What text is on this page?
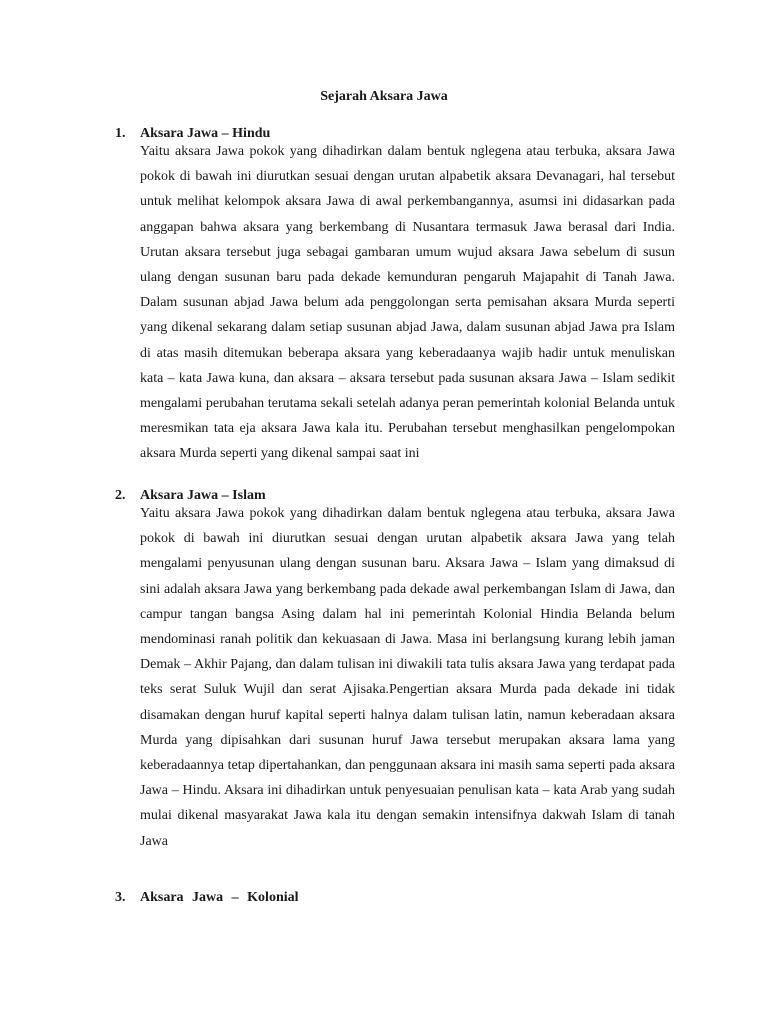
Sejarah Aksara Jawa
1. Aksara Jawa – Hindu

Yaitu aksara Jawa pokok yang dihadirkan dalam bentuk nglegena atau terbuka, aksara Jawa pokok di bawah ini diurutkan sesuai dengan urutan alpabetik aksara Devanagari, hal tersebut untuk melihat kelompok aksara Jawa di awal perkembangannya, asumsi ini didasarkan pada anggapan bahwa aksara yang berkembang di Nusantara termasuk Jawa berasal dari India. Urutan aksara tersebut juga sebagai gambaran umum wujud aksara Jawa sebelum di susun ulang dengan susunan baru pada dekade kemunduran pengaruh Majapahit di Tanah Jawa. Dalam susunan abjad Jawa belum ada penggolongan serta pemisahan aksara Murda seperti yang dikenal sekarang dalam setiap susunan abjad Jawa, dalam susunan abjad Jawa pra Islam di atas masih ditemukan beberapa aksara yang keberadaanya wajib hadir untuk menuliskan kata – kata Jawa kuna, dan aksara – aksara tersebut pada susunan aksara Jawa – Islam sedikit mengalami perubahan terutama sekali setelah adanya peran pemerintah kolonial Belanda untuk meresmikan tata eja aksara Jawa kala itu. Perubahan tersebut menghasilkan pengelompokan aksara Murda seperti yang dikenal sampai saat ini

2. Aksara Jawa – Islam

Yaitu aksara Jawa pokok yang dihadirkan dalam bentuk nglegena atau terbuka, aksara Jawa pokok di bawah ini diurutkan sesuai dengan urutan alpabetik aksara Jawa yang telah mengalami penyusunan ulang dengan susunan baru. Aksara Jawa – Islam yang dimaksud di sini adalah aksara Jawa yang berkembang pada dekade awal perkembangan Islam di Jawa, dan campur tangan bangsa Asing dalam hal ini pemerintah Kolonial Hindia Belanda belum mendominasi ranah politik dan kekuasaan di Jawa. Masa ini berlangsung kurang lebih jaman Demak – Akhir Pajang, dan dalam tulisan ini diwakili tata tulis aksara Jawa yang terdapat pada teks serat Suluk Wujil dan serat Ajisaka.Pengertian aksara Murda pada dekade ini tidak disamakan dengan huruf kapital seperti halnya dalam tulisan latin, namun keberadaan aksara Murda yang dipisahkan dari susunan huruf Jawa tersebut merupakan aksara lama yang keberadaannya tetap dipertahankan, dan penggunaan aksara ini masih sama seperti pada aksara Jawa – Hindu. Aksara ini dihadirkan untuk penyesuaian penulisan kata – kata Arab yang sudah mulai dikenal masyarakat Jawa kala itu dengan semakin intensifnya dakwah Islam di tanah Jawa

3. Aksara Jawa – Kolonial
